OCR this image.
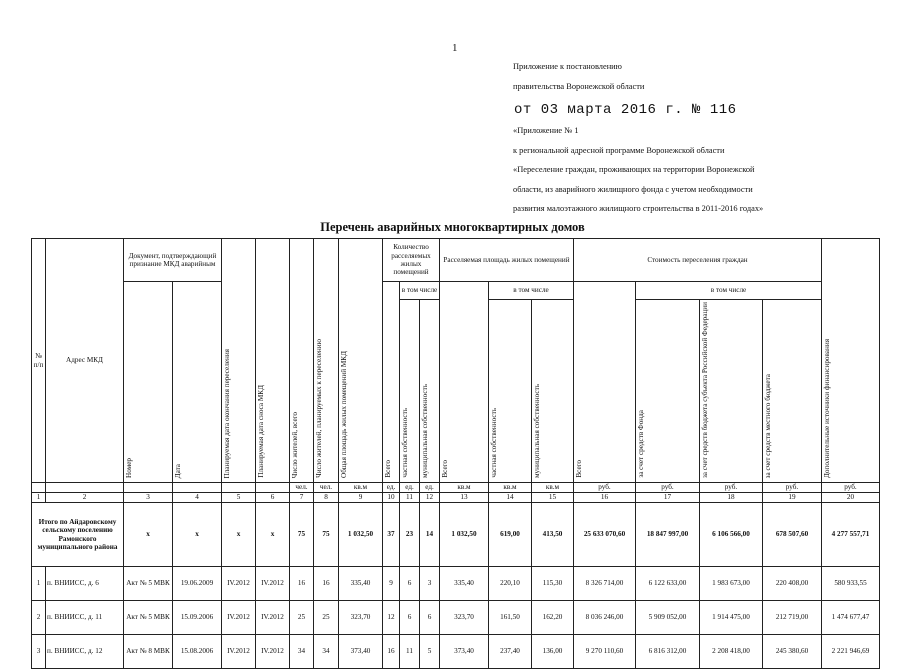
1
Приложение к постановлению
правительства Воронежской области
от 03 марта 2016 г. № 116
«Приложение № 1
к региональной адресной программе Воронежской области
«Переселение граждан, проживающих на территории Воронежской
области, из аварийного жилищного фонда с учетом необходимости
развития малоэтажного жилищного строительства в 2011-2016 годах»
Перечень аварийных многоквартирных домов
№ п/п	Адрес МКД	Документ, подтверждающий признание МКД аварийным		Планируемая дата окончания переселения	Планируемая дата сноса МКД	Число жителей, всего	Число жителей, планируемых к переселению	Общая площадь жилых помещений МКД	Количество расселяемых жилых помещений			Расселяемая площадь жилых помещений			Стоимость переселения граждан				Дополнительные источники финансирования

		Номер	Дата						Всего	в том числе		Всего	в том числе		Всего	в том числе			

										частная собственность	муниципальная собственность		частная собственность	муниципальная собственность		за счет средств Фонда	за счет средств бюджета субъекта Российской Федерации	за счет средств местного бюджета	

						чел.	чел.	кв.м	ед.	ед.	ед.	кв.м	кв.м	кв.м	руб.	руб.	руб.	руб.	руб.
1	2	3	4	5	6	7	8	9	10	11	12	13	14	15	16	17	18	19	20
Итого по Айдаровскому сельскому поселению Рамонского муниципального района		x	x	x	x	75	75	1 032,50	37	23	14	1 032,50	619,00	413,50	25 633 070,60	18 847 997,00	6 106 566,00	678 507,60	4 277 557,71
1	п. ВНИИСС, д. 6	Акт № 5 МВК	19.06.2009	IV.2012	IV.2012	16	16	335,40	9	6	3	335,40	220,10	115,30	8 326 714,00	6 122 633,00	1 983 673,00	220 408,00	580 933,55
2	п. ВНИИСС, д. 11	Акт № 5 МВК	15.09.2006	IV.2012	IV.2012	25	25	323,70	12	6	6	323,70	161,50	162,20	8 036 246,00	5 909 052,00	1 914 475,00	212 719,00	1 474 677,47
3	п. ВНИИСС, д. 12	Акт № 8 МВК	15.08.2006	IV.2012	IV.2012	34	34	373,40	16	11	5	373,40	237,40	136,00	9 270 110,60	6 816 312,00	2 208 418,00	245 380,60	2 221 946,69
